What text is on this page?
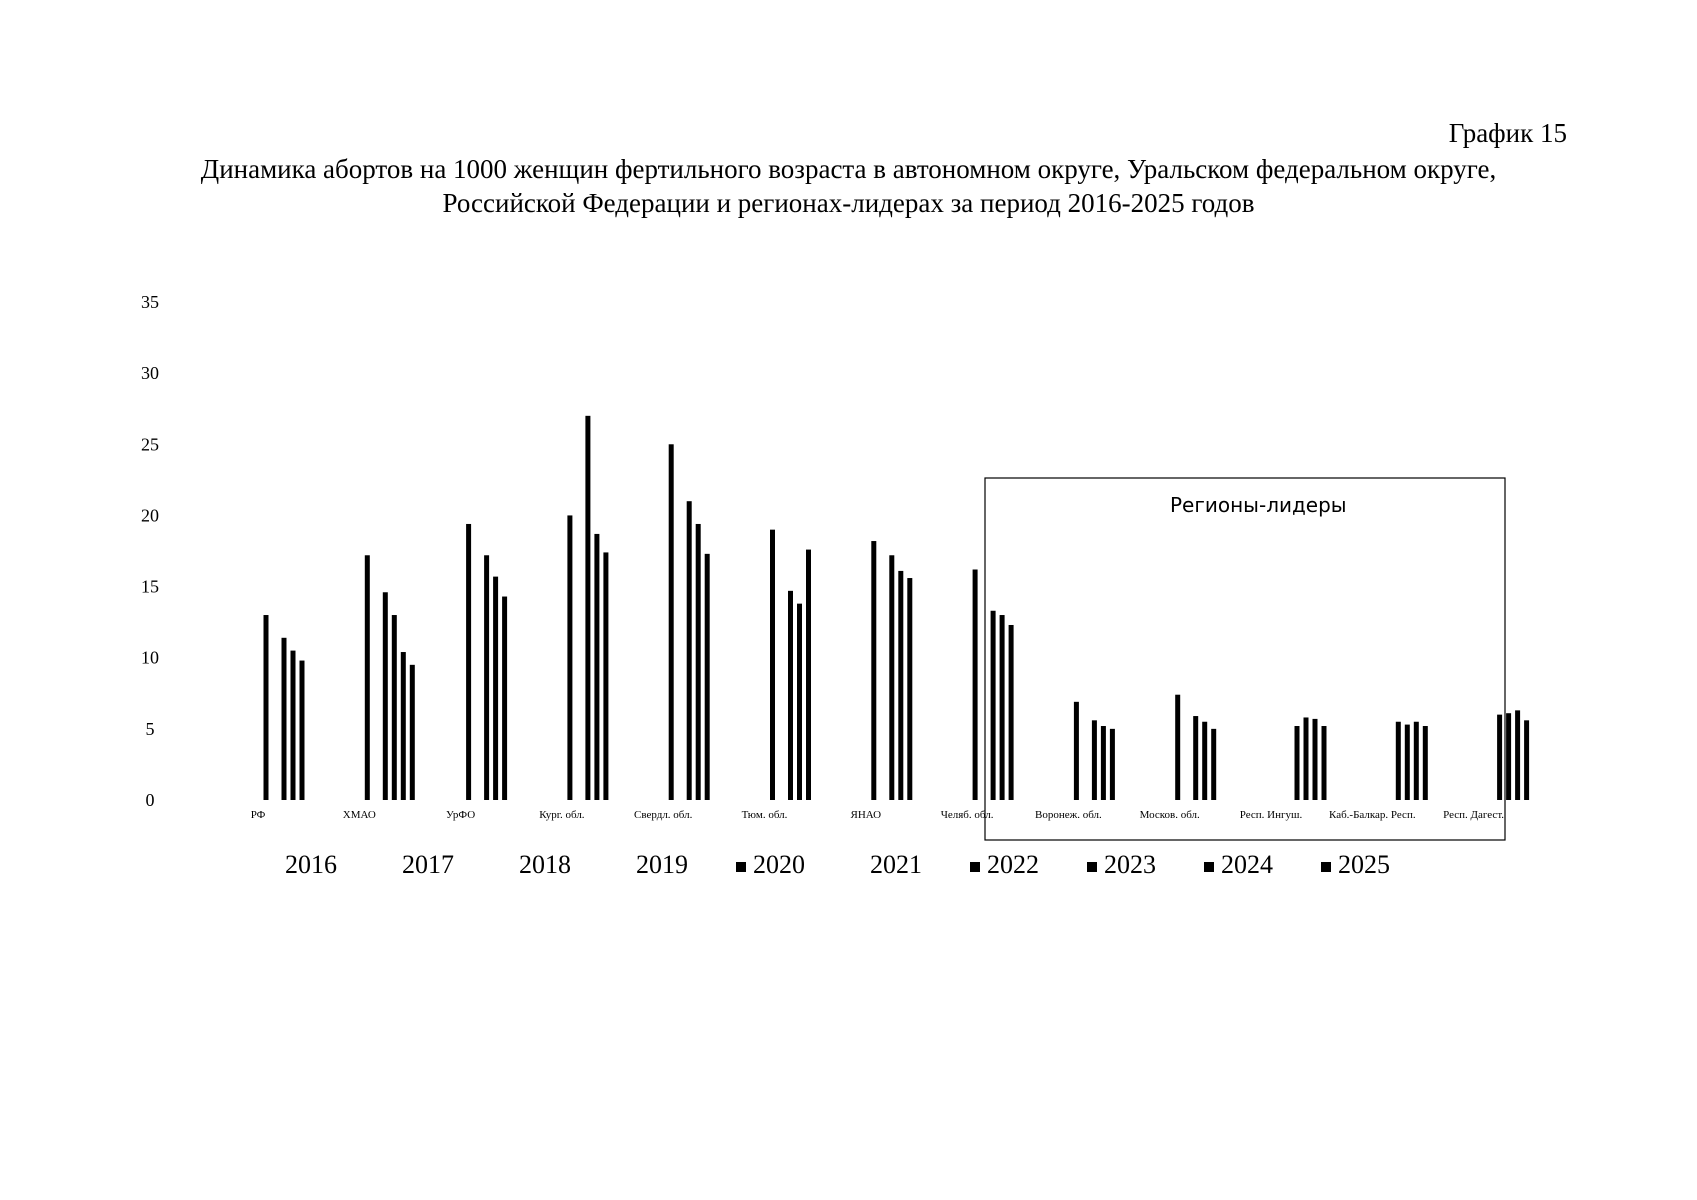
График 15
Динамика абортов на 1000 женщин фертильного возраста в автономном округе, Уральском федеральном округе,
Российской Федерации и регионах-лидерах за период 2016-2025 годов
0
5
10
15
20
25
30
35
Регионы-лидеры
РФ	ХМАО	УрФО	Кург. обл.	Свердл. обл.	Тюм. обл.	ЯНАО	Челяб. обл.	Воронеж. обл.	Москов. обл.	Респ. Ингуш. Каб.-Балкар. Респ.	Респ. Дагест.
2016	2017	2018	2019	2020	2021	2022	2023	2024	2025
